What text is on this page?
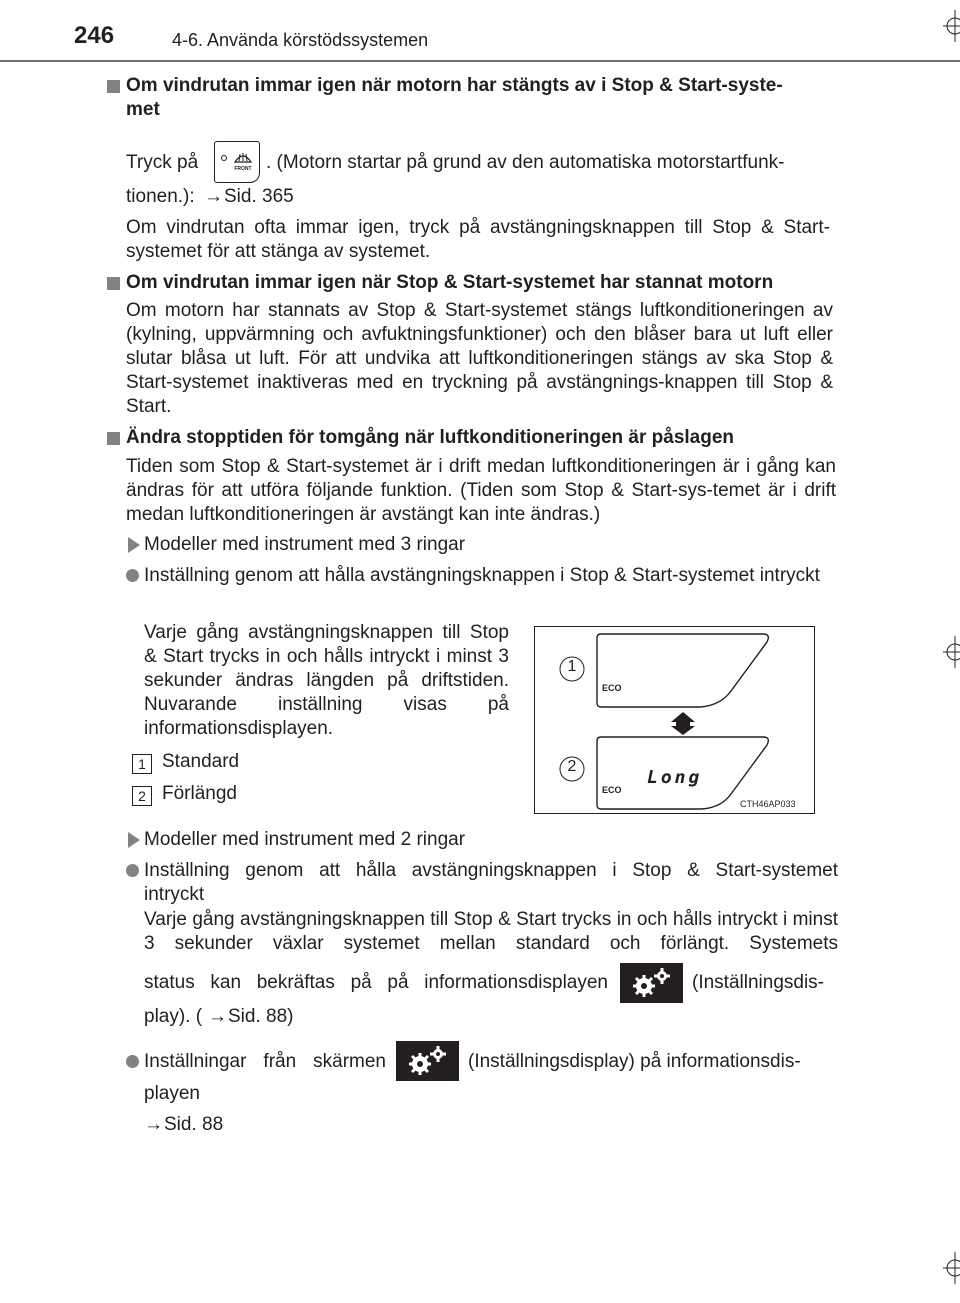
246	4-6. Använda körstödssystemen
Om vindrutan immar igen när motorn har stängts av i Stop & Start-syste-
met
Tryck på	FRONT . (Motorn startar på grund av den automatiska motorstartfunk-
tionen.): → Sid. 365
Om vindrutan ofta immar igen, tryck på avstängningsknappen till Stop & Start-systemet för att stänga av systemet.
Om vindrutan immar igen när Stop & Start-systemet har stannat motorn
Om motorn har stannats av Stop & Start-systemet stängs luftkonditioneringen av (kylning, uppvärmning och avfuktningsfunktioner) och den blåser bara ut luft eller slutar blåsa ut luft. För att undvika att luftkonditioneringen stängs av ska Stop & Start-systemet inaktiveras med en tryckning på avstängnings-knappen till Stop & Start.
Ändra stopptiden för tomgång när luftkonditioneringen är påslagen
Tiden som Stop & Start-systemet är i drift medan luftkonditioneringen är i gång kan ändras för att utföra följande funktion. (Tiden som Stop & Start-sys-temet är i drift medan luftkonditioneringen är avstängt kan inte ändras.)
Modeller med instrument med 3 ringar
Inställning genom att hålla avstängningsknappen i Stop & Start-systemet intryckt
Varje gång avstängningsknappen till Stop & Start trycks in och hålls intryckt i minst 3 sekunder ändras längden på driftstiden. Nuvarande inställning visas på informationsdisplayen.
1 Standard
2 Förlängd
1
2
ECO
ECO
Long
CTH46AP033
Modeller med instrument med 2 ringar
Inställning genom att hålla avstängningsknappen i Stop & Start-systemet
intryckt
Varje gång avstängningsknappen till Stop & Start trycks in och hålls intryckt i minst 3 sekunder växlar systemet mellan standard och förlängt. Systemets
status kan bekräftas på på informationsdisplayen	(Inställningsdis-
play). ( → Sid. 88)
Inställningar från skärmen	(Inställningsdisplay) på informationsdis-
playen
→ Sid. 88
